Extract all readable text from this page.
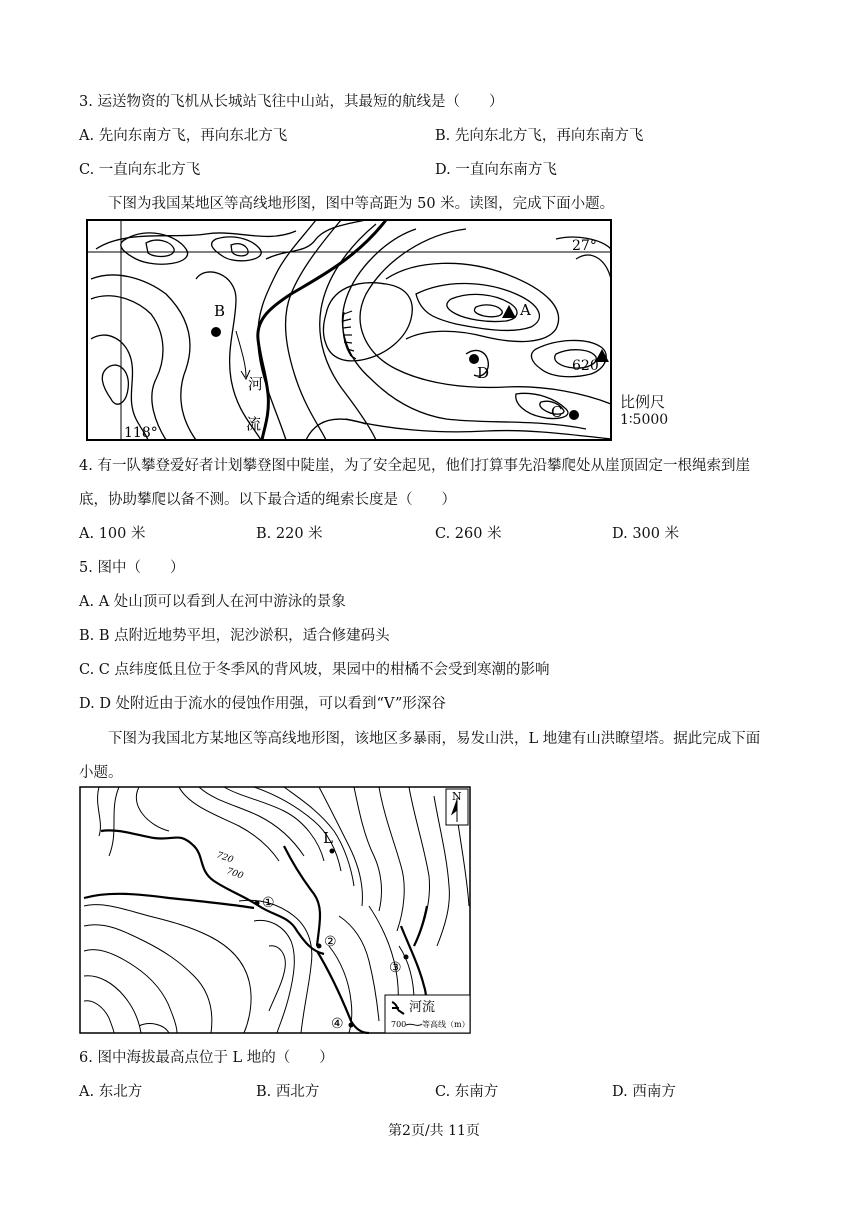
3. 运送物资的飞机从长城站飞往中山站，其最短的航线是（　　）
A. 先向东南方飞，再向东北方飞	B. 先向东北方飞，再向东南方飞
C. 一直向东北方飞	D. 一直向东南方飞
下图为我国某地区等高线地形图，图中等高距为 50 米。读图，完成下面小题。
B	A
D	620
C
27°
118°
河
流
比例尺
1∶5000
4. 有一队攀登爱好者计划攀登图中陡崖，为了安全起见，他们打算事先沿攀爬处从崖顶固定一根绳索到崖
底，协助攀爬以备不测。以下最合适的绳索长度是（　　）
A. 100 米	B. 220 米	C. 260 米	D. 300 米
5. 图中（　　）
A. A 处山顶可以看到人在河中游泳的景象
B. B 点附近地势平坦，泥沙淤积，适合修建码头
C. C 点纬度低且位于冬季风的背风坡，果园中的柑橘不会受到寒潮的影响
D. D 处附近由于流水的侵蚀作用强，可以看到“V”形深谷
下图为我国北方某地区等高线地形图，该地区多暴雨，易发山洪，L 地建有山洪瞭望塔。据此完成下面
小题。
720
700
L
①
②
③
④
N
河流
700 等高线（m）
6. 图中海拔最高点位于 L 地的（　　）
A. 东北方	B. 西北方	C. 东南方	D. 西南方
第2页/共 11页
